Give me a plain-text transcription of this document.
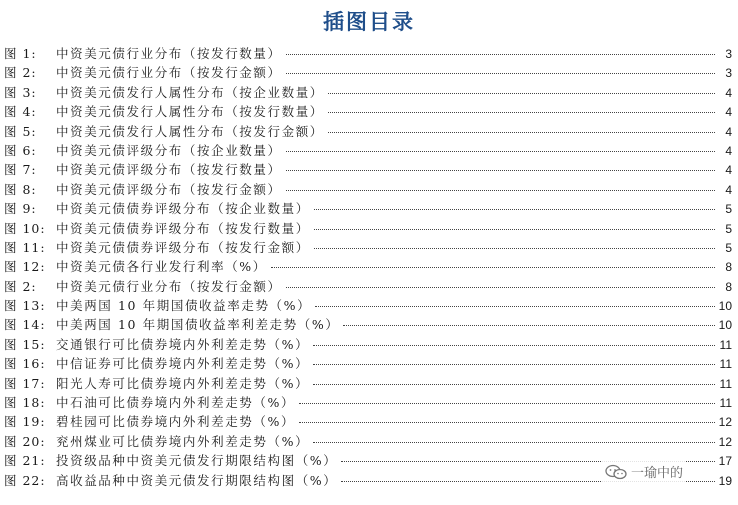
插图目录
图 1:	中资美元债行业分布（按发行数量）	3
图 2:	中资美元债行业分布（按发行金额）	3
图 3:	中资美元债发行人属性分布（按企业数量）	4
图 4:	中资美元债发行人属性分布（按发行数量）	4
图 5:	中资美元债发行人属性分布（按发行金额）	4
图 6:	中资美元债评级分布（按企业数量）	4
图 7:	中资美元债评级分布（按发行数量）	4
图 8:	中资美元债评级分布（按发行金额）	4
图 9:	中资美元债债券评级分布（按企业数量）	5
图 10: 中资美元债债券评级分布（按发行数量）	5
图 11: 中资美元债债券评级分布（按发行金额）	5
图 12: 中资美元债各行业发行利率（%）	8
图 2:	中资美元债行业分布（按发行金额）	8
图 13: 中美两国 10 年期国债收益率走势（%）	10
图 14: 中美两国 10 年期国债收益率利差走势（%）	10
图 15: 交通银行可比债券境内外利差走势（%）	11
图 16: 中信证券可比债券境内外利差走势（%）	11
图 17: 阳光人寿可比债券境内外利差走势（%）	11
图 18: 中石油可比债券境内外利差走势（%）	11
图 19: 碧桂园可比债券境内外利差走势（%）	12
图 20: 兖州煤业可比债券境内外利差走势（%）	12
图 21: 投资级品种中资美元债发行期限结构图（%）	17
图 22: 高收益品种中资美元债发行期限结构图（%）	19
一瑜中的
